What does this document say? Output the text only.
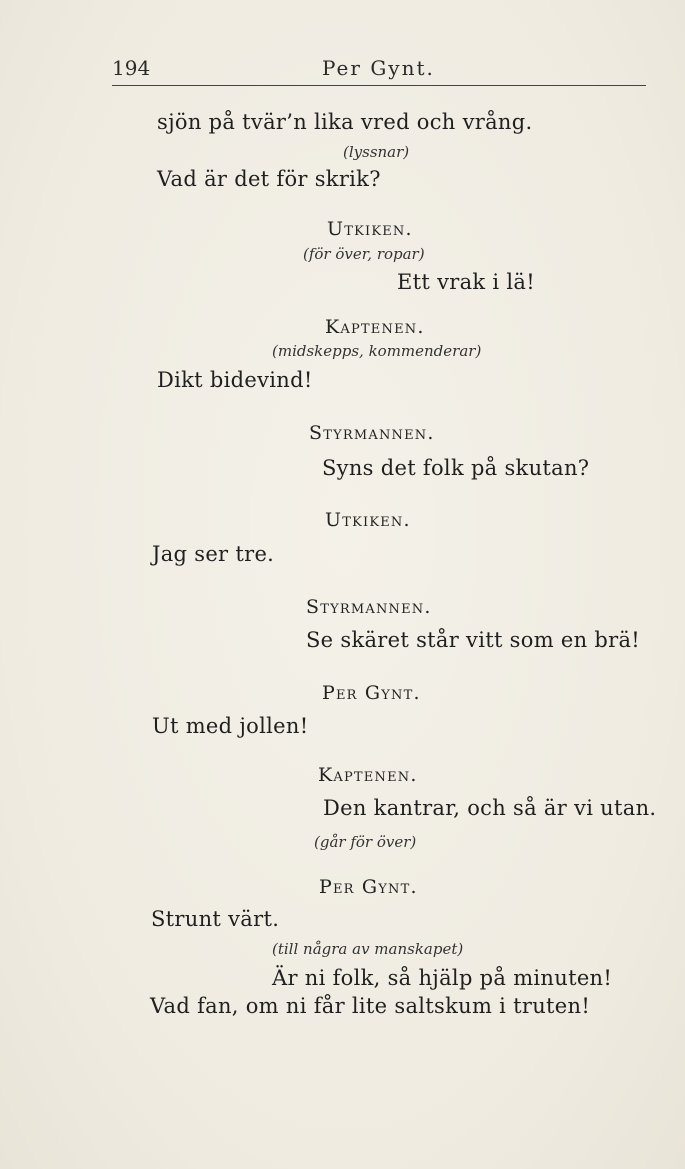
194	Per Gynt.
sjön på tvär’n lika vred och vrång.
(lyssnar)
Vad är det för skrik?
Utkiken.
(för över, ropar)
Ett vrak i lä!
Kaptenen.
(midskepps, kommenderar)
Dikt bidevind!
Styrmannen.
Syns det folk på skutan?
Utkiken.
Jag ser tre.
Styrmannen.
Se skäret står vitt som en brä!
Per Gynt.
Ut med jollen!
Kaptenen.
Den kantrar, och så är vi utan.
(går för över)
Per Gynt.
Strunt värt.
(till några av manskapet)
Är ni folk, så hjälp på minuten!
Vad fan, om ni får lite saltskum i truten!
